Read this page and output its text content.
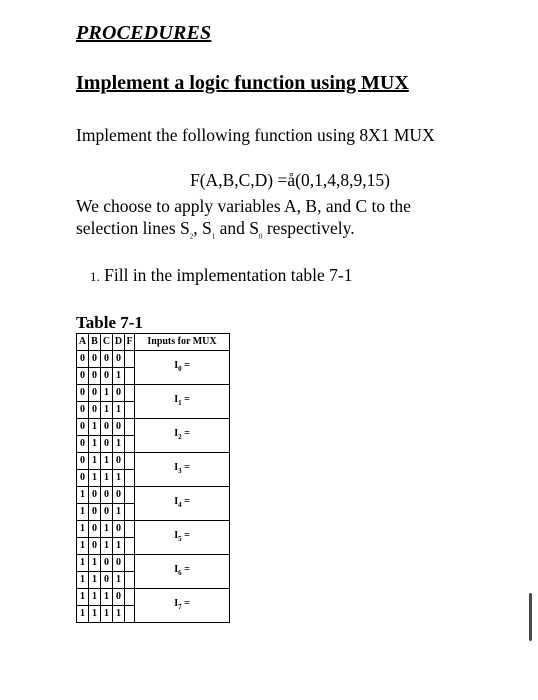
PROCEDURES
Implement a logic function using MUX
Implement the following function using 8X1 MUX
F(A,B,C,D) =å(0,1,4,8,9,15)
We choose to apply variables A, B, and C to the selection lines $S_2$, $S_1$ and $S_0$ respectively.
1. Fill in the implementation table 7-1
Table 7-1
A	B	C	D	F	Inputs for MUX
0	0	0	0		$I_0$ =
0	0	0	1		
0	0	1	0		$I_1$ =
0	0	1	1		
0	1	0	0		$I_2$ =
0	1	0	1		
0	1	1	0		$I_3$ =
0	1	1	1		
1	0	0	0		$I_4$ =
1	0	0	1		
1	0	1	0		$I_5$ =
1	0	1	1		
1	1	0	0		$I_6$ =
1	1	0	1		
1	1	1	0		$I_7$ =
1	1	1	1		
